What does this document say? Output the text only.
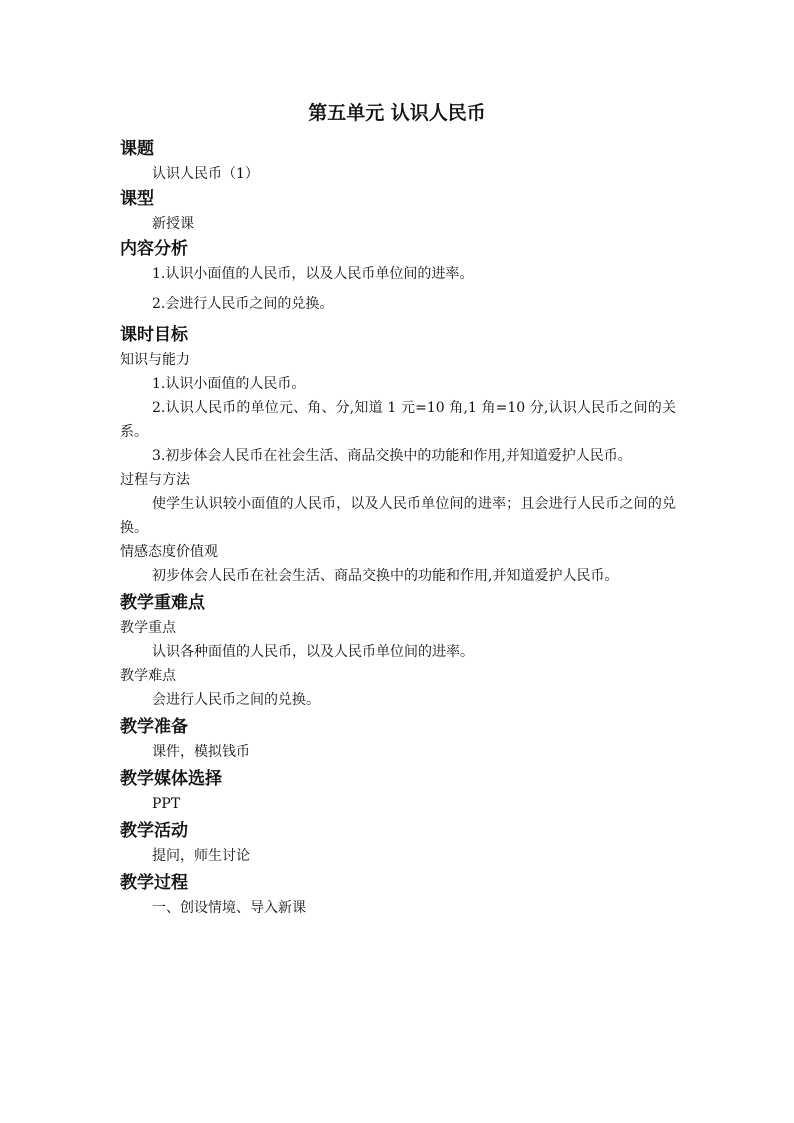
第五单元 认识人民币
课题
认识人民币（1）
课型
新授课
内容分析
1.认识小面值的人民币，以及人民币单位间的进率。
2.会进行人民币之间的兑换。
课时目标
知识与能力
1.认识小面值的人民币。
2.认识人民币的单位元、角、分,知道 1 元=10 角,1 角=10 分,认识人民币之间的关系。
3.初步体会人民币在社会生活、商品交换中的功能和作用,并知道爱护人民币。
过程与方法
使学生认识较小面值的人民币，以及人民币单位间的进率；且会进行人民币之间的兑换。
情感态度价值观
初步体会人民币在社会生活、商品交换中的功能和作用,并知道爱护人民币。
教学重难点
教学重点
认识各种面值的人民币，以及人民币单位间的进率。
教学难点
会进行人民币之间的兑换。
教学准备
课件，模拟钱币
教学媒体选择
PPT
教学活动
提问，师生讨论
教学过程
一、创设情境、导入新课
